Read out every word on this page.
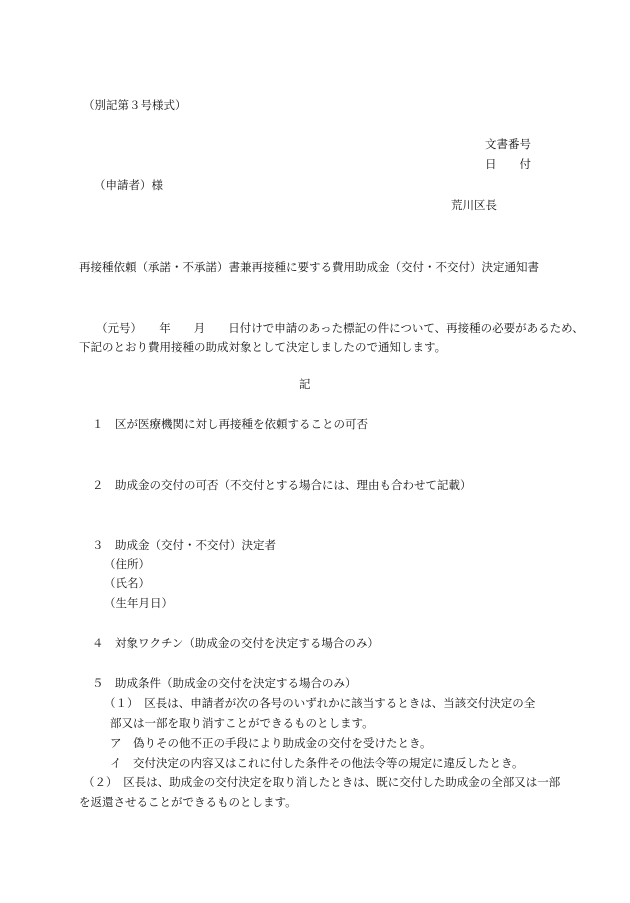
（別記第３号様式）
文書番号
日　　付
（申請者）様
荒川区長
再接種依頼（承諾・不承諾）書兼再接種に要する費用助成金（交付・不交付）決定通知書
（元号）　　年　　月　　日付けで申請のあった標記の件について、再接種の必要があるため、
下記のとおり費用接種の助成対象として決定しましたので通知します。
記
１　区が医療機関に対し再接種を依頼することの可否
２　助成金の交付の可否（不交付とする場合には、理由も合わせて記載）
３　助成金（交付・不交付）決定者
（住所）
（氏名）
（生年月日）
４　対象ワクチン（助成金の交付を決定する場合のみ）
５　助成条件（助成金の交付を決定する場合のみ）
（１）　区長は、申請者が次の各号のいずれかに該当するときは、当該交付決定の全
部又は一部を取り消すことができるものとします。
ア　偽りその他不正の手段により助成金の交付を受けたとき。
イ　交付決定の内容又はこれに付した条件その他法令等の規定に違反したとき。
（２）　区長は、助成金の交付決定を取り消したときは、既に交付した助成金の全部又は一部
を返還させることができるものとします。
